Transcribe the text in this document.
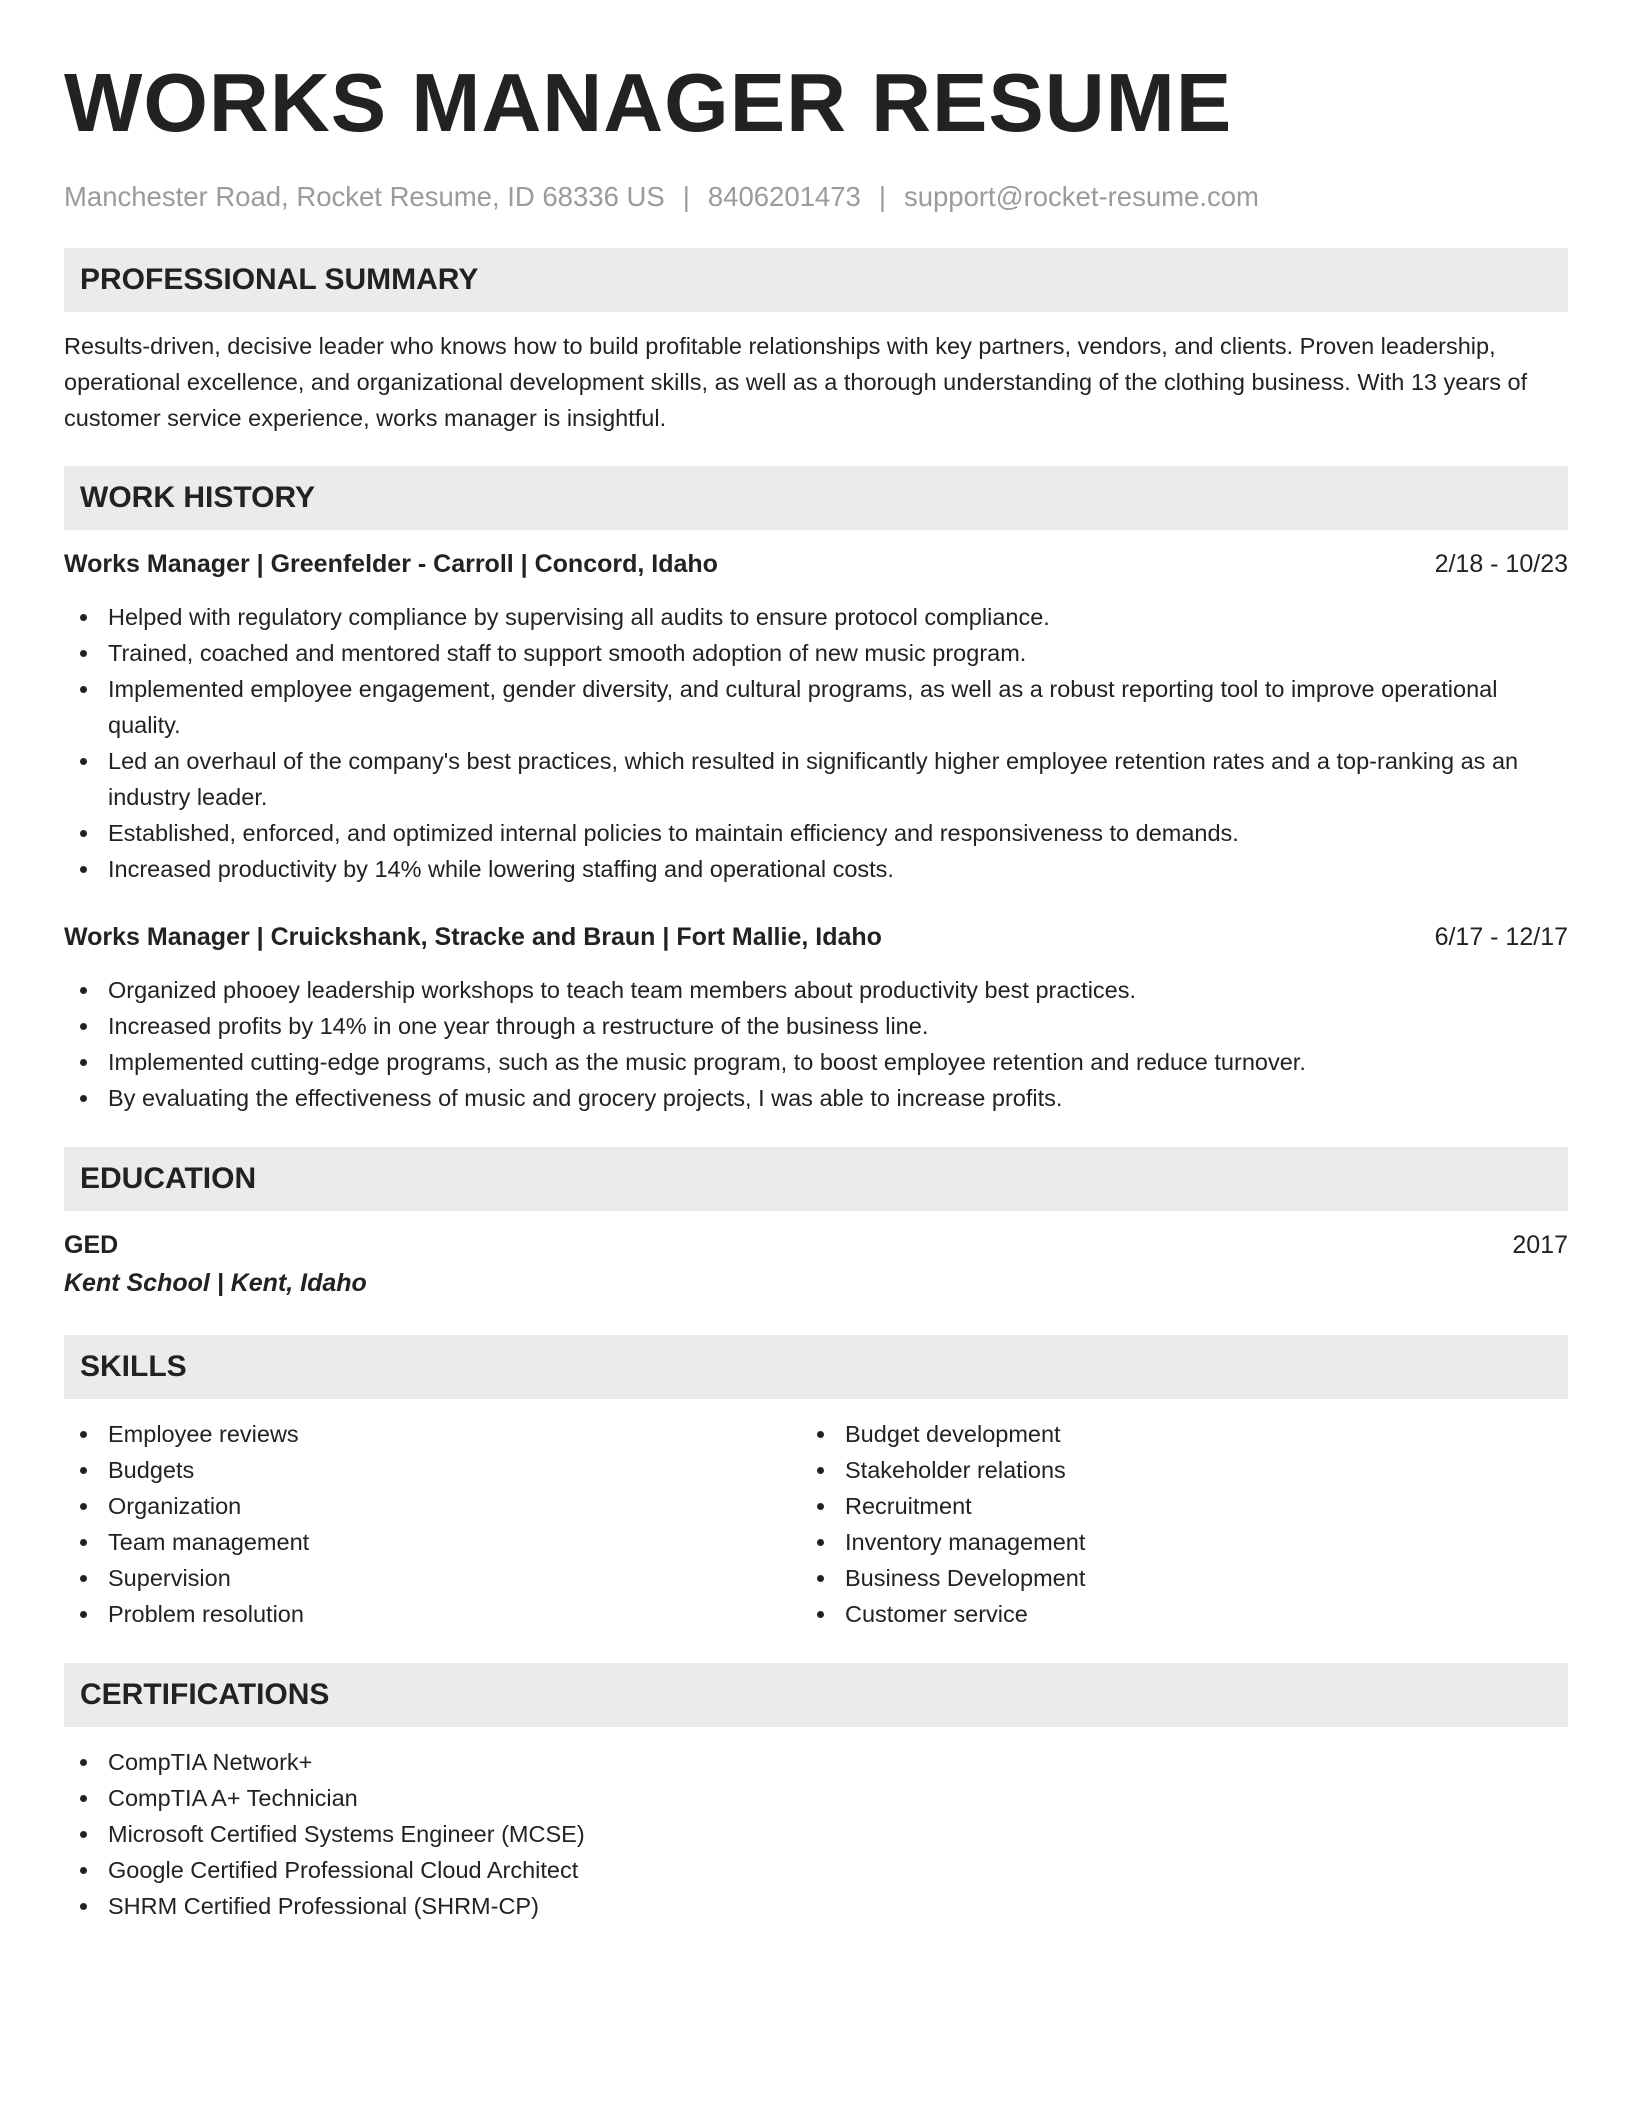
WORKS MANAGER RESUME
Manchester Road, Rocket Resume, ID 68336 US | 8406201473 | support@rocket-resume.com
PROFESSIONAL SUMMARY

Results-driven, decisive leader who knows how to build profitable relationships with key partners, vendors, and clients. Proven leadership, operational excellence, and organizational development skills, as well as a thorough understanding of the clothing business. With 13 years of customer service experience, works manager is insightful.

WORK HISTORY
Works Manager | Greenfelder - Carroll | Concord, Idaho	2/18 - 10/23
Helped with regulatory compliance by supervising all audits to ensure protocol compliance.
Trained, coached and mentored staff to support smooth adoption of new music program.
Implemented employee engagement, gender diversity, and cultural programs, as well as a robust reporting tool to improve operational quality.
Led an overhaul of the company's best practices, which resulted in significantly higher employee retention rates and a top-ranking as an industry leader.
Established, enforced, and optimized internal policies to maintain efficiency and responsiveness to demands.
Increased productivity by 14% while lowering staffing and operational costs.
Works Manager | Cruickshank, Stracke and Braun | Fort Mallie, Idaho	6/17 - 12/17
Organized phooey leadership workshops to teach team members about productivity best practices.
Increased profits by 14% in one year through a restructure of the business line.
Implemented cutting-edge programs, such as the music program, to boost employee retention and reduce turnover.
By evaluating the effectiveness of music and grocery projects, I was able to increase profits.
EDUCATION
GED	2017
Kent School | Kent, Idaho
SKILLS
Employee reviews
Budgets
Organization
Team management
Supervision
Problem resolution
Budget development
Stakeholder relations
Recruitment
Inventory management
Business Development
Customer service
CERTIFICATIONS
CompTIA Network+
CompTIA A+ Technician
Microsoft Certified Systems Engineer (MCSE)
Google Certified Professional Cloud Architect
SHRM Certified Professional (SHRM-CP)
